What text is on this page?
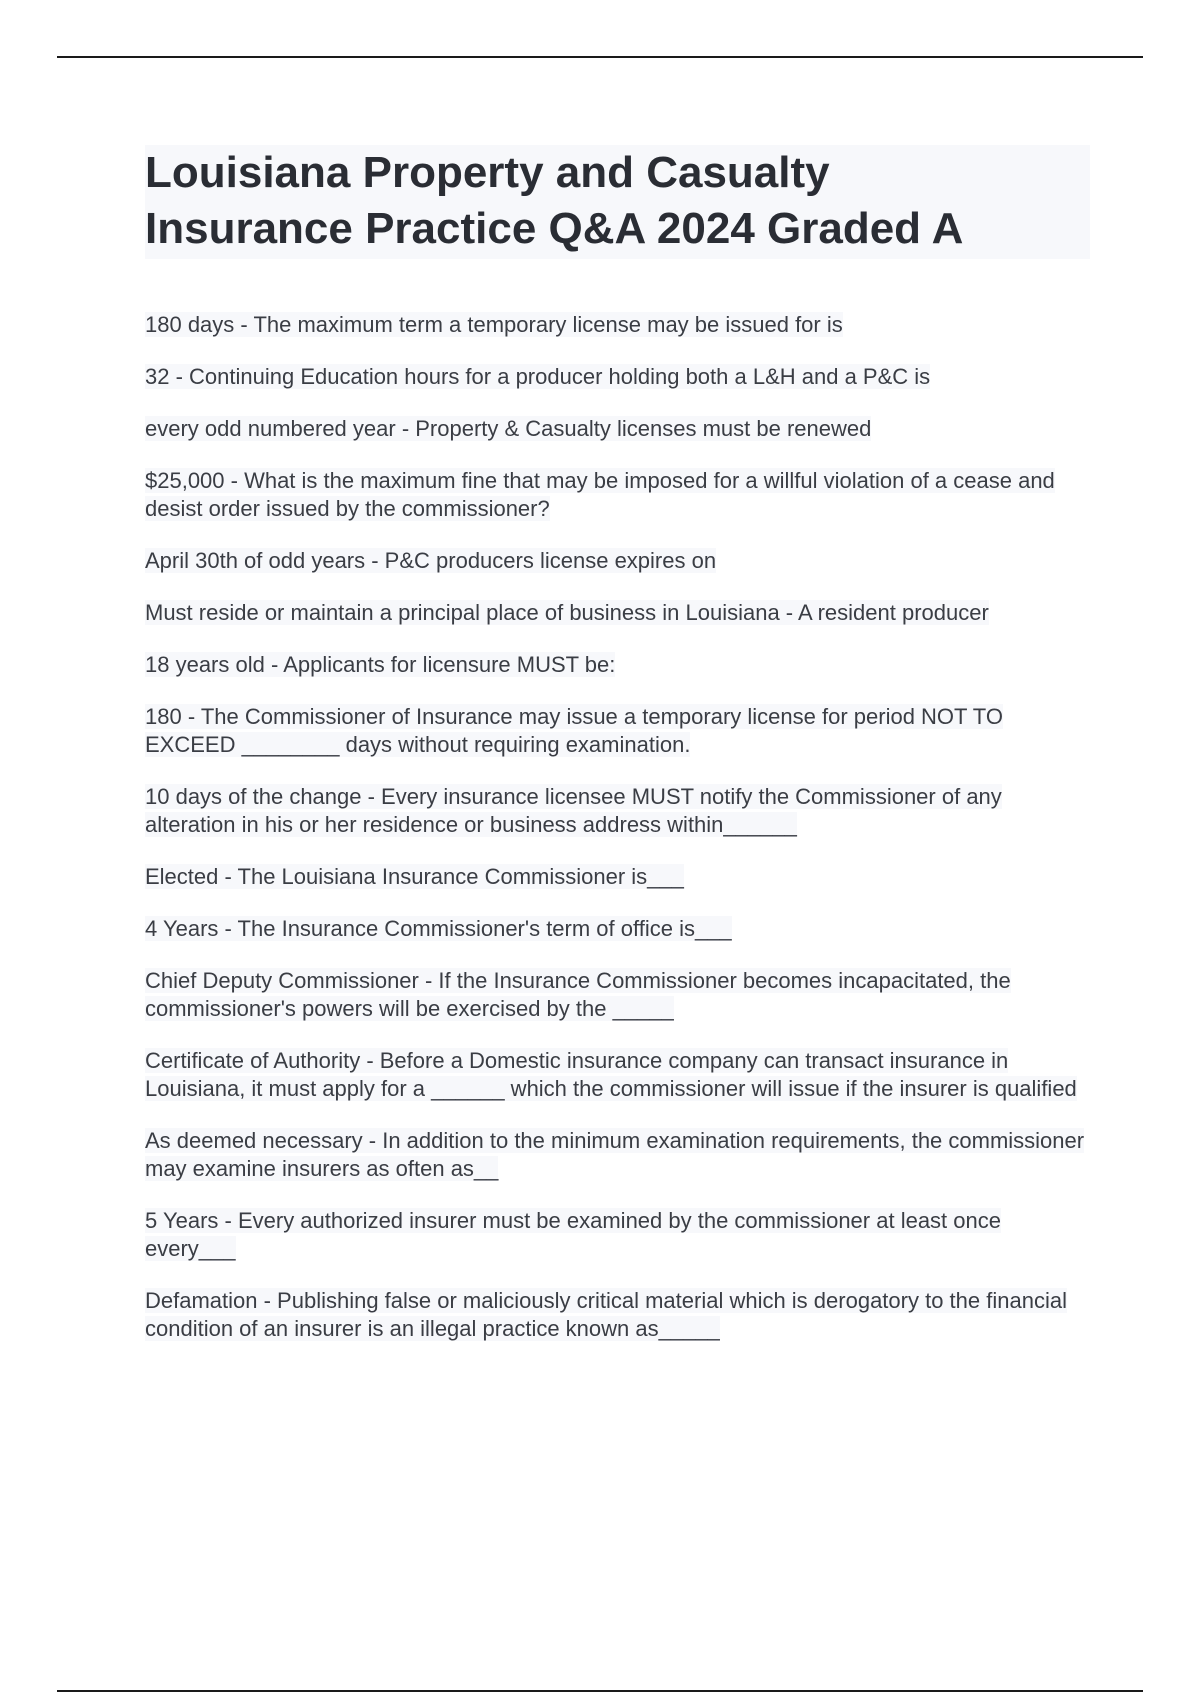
Louisiana Property and Casualty
Insurance Practice Q&A 2024 Graded A

180 days - The maximum term a temporary license may be issued for is

32 - Continuing Education hours for a producer holding both a L&H and a P&C is

every odd numbered year - Property & Casualty licenses must be renewed

$25,000 - What is the maximum fine that may be imposed for a willful violation of a cease and desist order issued by the commissioner?

April 30th of odd years - P&C producers license expires on

Must reside or maintain a principal place of business in Louisiana - A resident producer

18 years old - Applicants for licensure MUST be:

180 - The Commissioner of Insurance may issue a temporary license for period NOT TO EXCEED ________ days without requiring examination.

10 days of the change - Every insurance licensee MUST notify the Commissioner of any alteration in his or her residence or business address within______

Elected - The Louisiana Insurance Commissioner is___

4 Years - The Insurance Commissioner's term of office is___

Chief Deputy Commissioner - If the Insurance Commissioner becomes incapacitated, the commissioner's powers will be exercised by the _____

Certificate of Authority - Before a Domestic insurance company can transact insurance in Louisiana, it must apply for a ______ which the commissioner will issue if the insurer is qualified

As deemed necessary - In addition to the minimum examination requirements, the commissioner may examine insurers as often as__

5 Years - Every authorized insurer must be examined by the commissioner at least once every___

Defamation - Publishing false or maliciously critical material which is derogatory to the financial condition of an insurer is an illegal practice known as_____
